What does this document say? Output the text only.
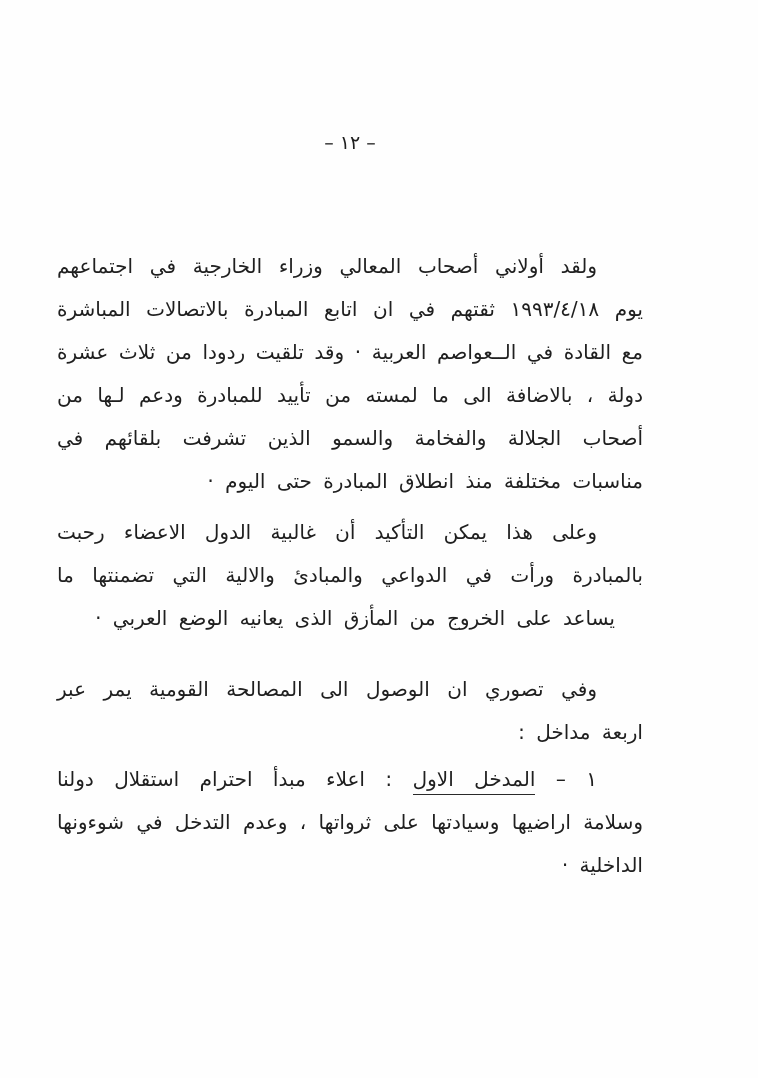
– ١٢ –
ولقد أولاني أصحاب المعالي وزراء الخارجية في اجتماعهم
يوم ١٩٩٣/٤/١٨ ثقتهم في ان اتابع المبادرة بالاتصالات المباشرة
مع القادة في الــعواصم العربية · وقد تلقيت ردودا من ثلاث عشرة
دولة ، بالاضافة الى ما لمسته من تأييد للمبادرة ودعم لـها من
أصحاب الجلالة والفخامة والسمو الذين تشرفت بلقائهم في
مناسبات مختلفة منذ انطلاق المبادرة حتى اليوم ·
وعلى هذا يمكن التأكيد أن غالبية الدول الاعضاء رحبت
بالمبادرة ورأت في الدواعي والمبادئ والالية التي تضمنتها ما
يساعد على الخروج من المأزق الذى يعانيه الوضع العربي ·
وفي تصوري ان الوصول الى المصالحة القومية يمر عبر
اربعة مداخل :
١ – المدخل الاول : اعلاء مبدأ احترام استقلال دولنا
وسلامة اراضيها وسيادتها على ثرواتها ، وعدم التدخل في شوءونها
الداخلية ·
